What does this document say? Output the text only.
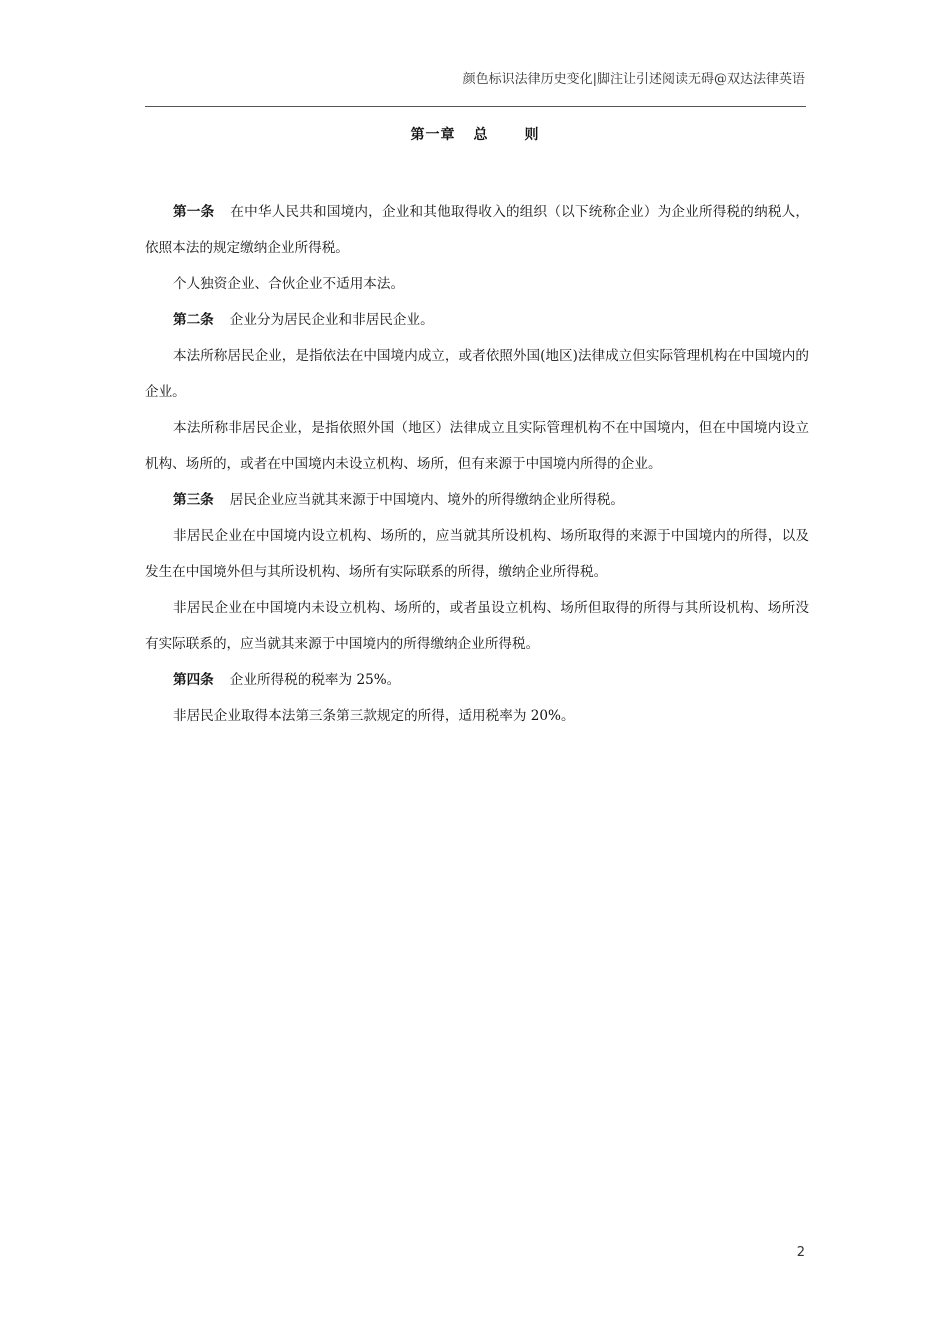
颜色标识法律历史变化|脚注让引述阅读无碍@双达法律英语
第一章 总	则

第一条 在中华人民共和国境内，企业和其他取得收入的组织（以下统称企业）为企业所得税的纳税人，依照本法的规定缴纳企业所得税。

个人独资企业、合伙企业不适用本法。

第二条 企业分为居民企业和非居民企业。

本法所称居民企业，是指依法在中国境内成立，或者依照外国(地区)法律成立但实际管理机构在中国境内的企业。

本法所称非居民企业，是指依照外国（地区）法律成立且实际管理机构不在中国境内，但在中国境内设立机构、场所的，或者在中国境内未设立机构、场所，但有来源于中国境内所得的企业。

第三条 居民企业应当就其来源于中国境内、境外的所得缴纳企业所得税。

非居民企业在中国境内设立机构、场所的，应当就其所设机构、场所取得的来源于中国境内的所得，以及发生在中国境外但与其所设机构、场所有实际联系的所得，缴纳企业所得税。

非居民企业在中国境内未设立机构、场所的，或者虽设立机构、场所但取得的所得与其所设机构、场所没有实际联系的，应当就其来源于中国境内的所得缴纳企业所得税。

第四条 企业所得税的税率为 25%。

非居民企业取得本法第三条第三款规定的所得，适用税率为 20%。

2
